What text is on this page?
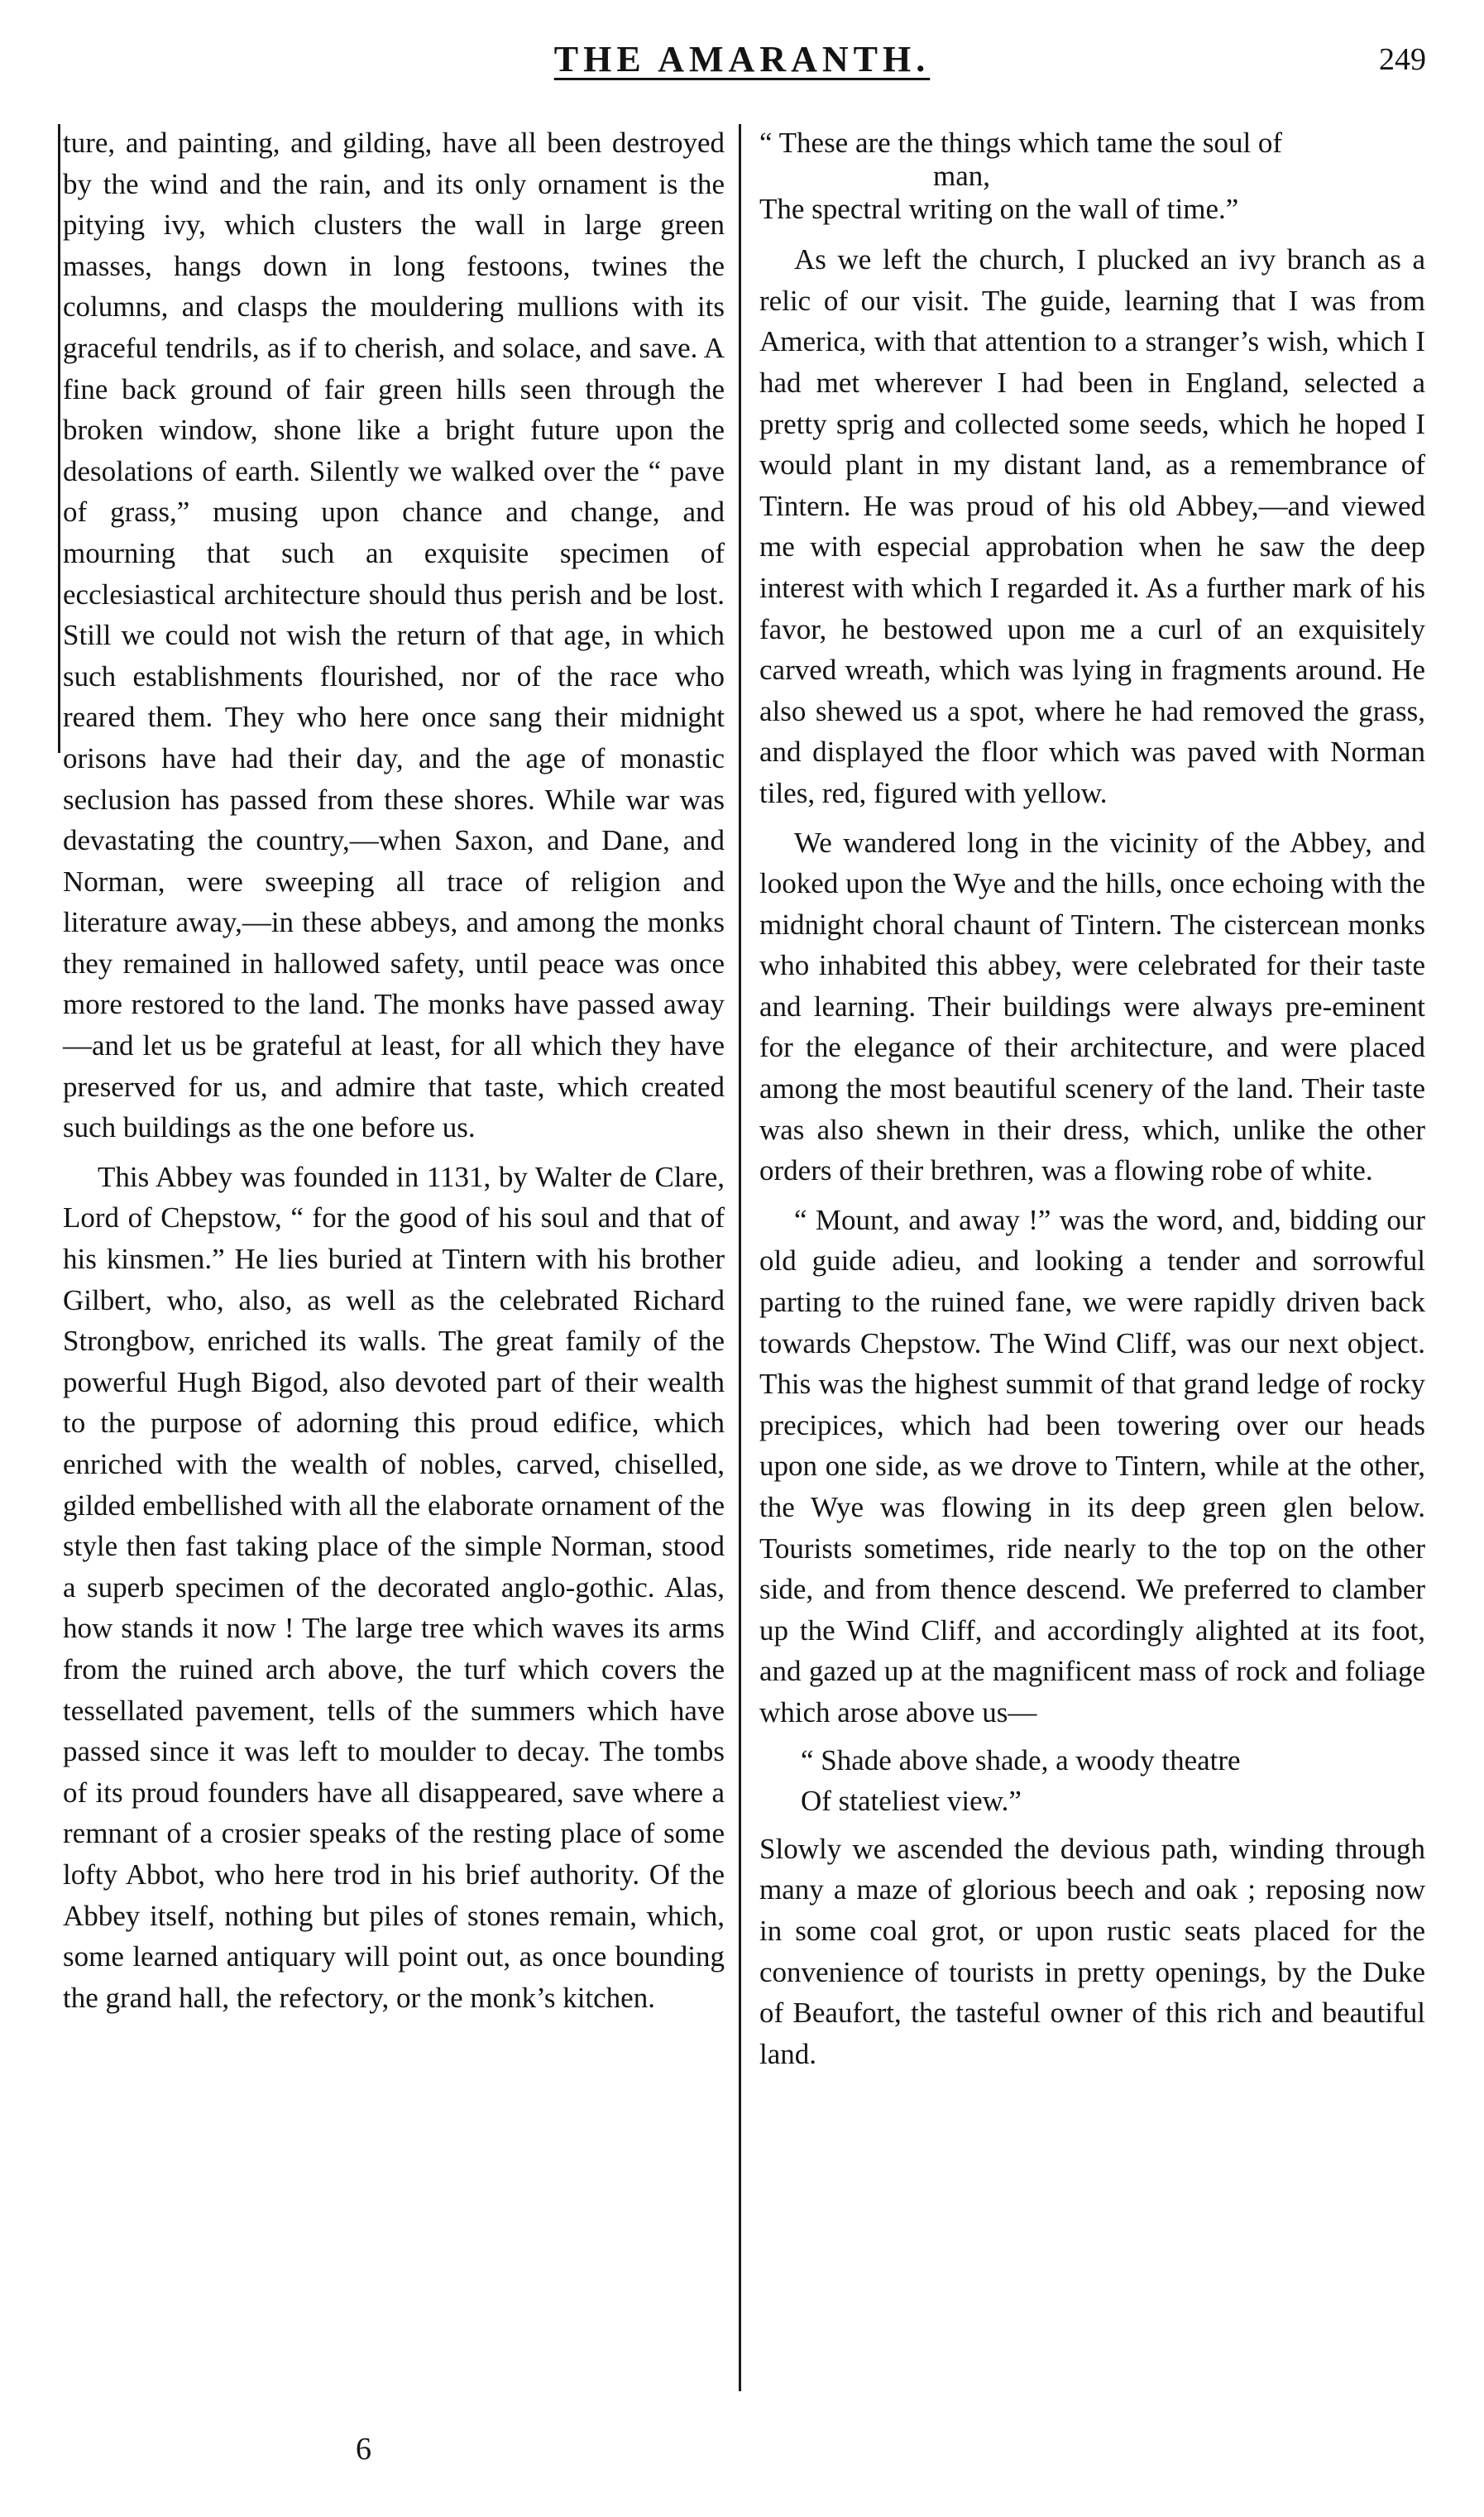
THE AMARANTH.	249

ture, and painting, and gilding, have all been destroyed by the wind and the rain, and its only ornament is the pitying ivy, which clusters the wall in large green masses, hangs down in long festoons, twines the columns, and clasps the mouldering mullions with its graceful tendrils, as if to cherish, and solace, and save. A fine back ground of fair green hills seen through the broken window, shone like a bright future upon the desolations of earth. Silently we walked over the “ pave of grass,” musing upon chance and change, and mourning that such an exquisite specimen of ecclesiastical architecture should thus perish and be lost. Still we could not wish the return of that age, in which such establishments flourished, nor of the race who reared them. They who here once sang their midnight orisons have had their day, and the age of monastic seclusion has passed from these shores. While war was devastating the country,—when Saxon, and Dane, and Norman, were sweeping all trace of religion and literature away,—in these abbeys, and among the monks they remained in hallowed safety, until peace was once more restored to the land. The monks have passed away—and let us be grateful at least, for all which they have preserved for us, and admire that taste, which created such buildings as the one before us.

This Abbey was founded in 1131, by Walter de Clare, Lord of Chepstow, “ for the good of his soul and that of his kinsmen.” He lies buried at Tintern with his brother Gilbert, who, also, as well as the celebrated Richard Strongbow, enriched its walls. The great family of the powerful Hugh Bigod, also devoted part of their wealth to the purpose of adorning this proud edifice, which enriched with the wealth of nobles, carved, chiselled, gilded embellished with all the elaborate ornament of the style then fast taking place of the simple Norman, stood a superb specimen of the decorated anglo-gothic. Alas, how stands it now ! The large tree which waves its arms from the ruined arch above, the turf which covers the tessellated pavement, tells of the summers which have passed since it was left to moulder to decay. The tombs of its proud founders have all disappeared, save where a remnant of a crosier speaks of the resting place of some lofty Abbot, who here trod in his brief authority. Of the Abbey itself, nothing but piles of stones remain, which, some learned antiquary will point out, as once bounding the grand hall, the refectory, or the monk’s kitchen.

“ These are the things which tame the soul of
man,
The spectral writing on the wall of time.”

As we left the church, I plucked an ivy branch as a relic of our visit. The guide, learning that I was from America, with that attention to a stranger’s wish, which I had met wherever I had been in England, selected a pretty sprig and collected some seeds, which he hoped I would plant in my distant land, as a remembrance of Tintern. He was proud of his old Abbey,—and viewed me with especial approbation when he saw the deep interest with which I regarded it. As a further mark of his favor, he bestowed upon me a curl of an exquisitely carved wreath, which was lying in fragments around. He also shewed us a spot, where he had removed the grass, and displayed the floor which was paved with Norman tiles, red, figured with yellow.

We wandered long in the vicinity of the Abbey, and looked upon the Wye and the hills, once echoing with the midnight choral chaunt of Tintern. The cistercean monks who inhabited this abbey, were celebrated for their taste and learning. Their buildings were always pre-eminent for the elegance of their architecture, and were placed among the most beautiful scenery of the land. Their taste was also shewn in their dress, which, unlike the other orders of their brethren, was a flowing robe of white.

“ Mount, and away !” was the word, and, bidding our old guide adieu, and looking a tender and sorrowful parting to the ruined fane, we were rapidly driven back towards Chepstow. The Wind Cliff, was our next object. This was the highest summit of that grand ledge of rocky precipices, which had been towering over our heads upon one side, as we drove to Tintern, while at the other, the Wye was flowing in its deep green glen below. Tourists sometimes, ride nearly to the top on the other side, and from thence descend. We preferred to clamber up the Wind Cliff, and accordingly alighted at its foot, and gazed up at the magnificent mass of rock and foliage which arose above us—

“ Shade above shade, a woody theatre
Of stateliest view.”

Slowly we ascended the devious path, winding through many a maze of glorious beech and oak ; reposing now in some coal grot, or upon rustic seats placed for the convenience of tourists in pretty openings, by the Duke of Beaufort, the tasteful owner of this rich and beautiful land.

6
